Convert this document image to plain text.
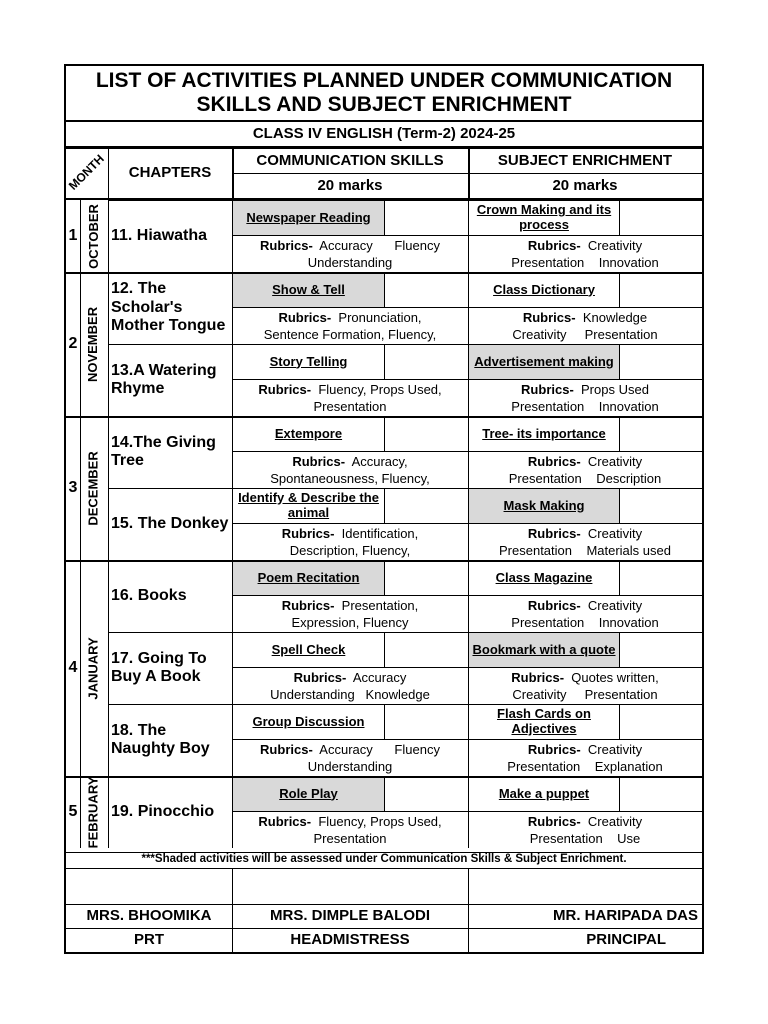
LIST OF ACTIVITIES PLANNED UNDER COMMUNICATION
SKILLS AND SUBJECT ENRICHMENT
CLASS IV ENGLISH (Term-2) 2024-25
MONTH	CHAPTERS
COMMUNICATION SKILLS
20 marks
SUBJECT ENRICHMENT
20 marks
1 OCTOBER
2 NOVEMBER
3 DECEMBER
4 JANUARY
5 FEBRUARY
11. Hiawatha
Newspaper Reading
Rubrics- Accuracy      Fluency
Understanding
Crown Making and its process
Rubrics- Creativity
Presentation    Innovation
12. The Scholar's Mother Tongue
Show & Tell
Rubrics- Pronunciation,
Sentence Formation, Fluency,
Class Dictionary
Rubrics- Knowledge
Creativity     Presentation
13.A Watering Rhyme
Story Telling
Rubrics- Fluency, Props Used,
Presentation
Advertisement making
Rubrics- Props Used
Presentation    Innovation
14.The Giving Tree
Extempore
Rubrics- Accuracy,
Spontaneousness, Fluency,
Tree- its importance
Rubrics- Creativity
Presentation    Description
15. The Donkey
Identify & Describe the animal
Rubrics- Identification,
Description, Fluency,
Mask Making
Rubrics- Creativity
Presentation    Materials used
16. Books
Poem Recitation
Rubrics- Presentation,
Expression, Fluency
Class Magazine
Rubrics- Creativity
Presentation    Innovation
17. Going To Buy A Book
Spell Check
Rubrics- Accuracy
Understanding   Knowledge
Bookmark with a quote
Rubrics- Quotes written,
Creativity     Presentation
18. The Naughty Boy
Group Discussion
Rubrics- Accuracy      Fluency
Understanding
Flash Cards on Adjectives
Rubrics- Creativity
Presentation    Explanation
19. Pinocchio
Role Play
Rubrics- Fluency, Props Used,
Presentation
Make a puppet
Rubrics- Creativity
Presentation    Use
***Shaded activities will be assessed under Communication Skills & Subject Enrichment.
MRS. BHOOMIKA
PRT
MRS. DIMPLE BALODI
HEADMISTRESS
MR. HARIPADA DAS
PRINCIPAL
